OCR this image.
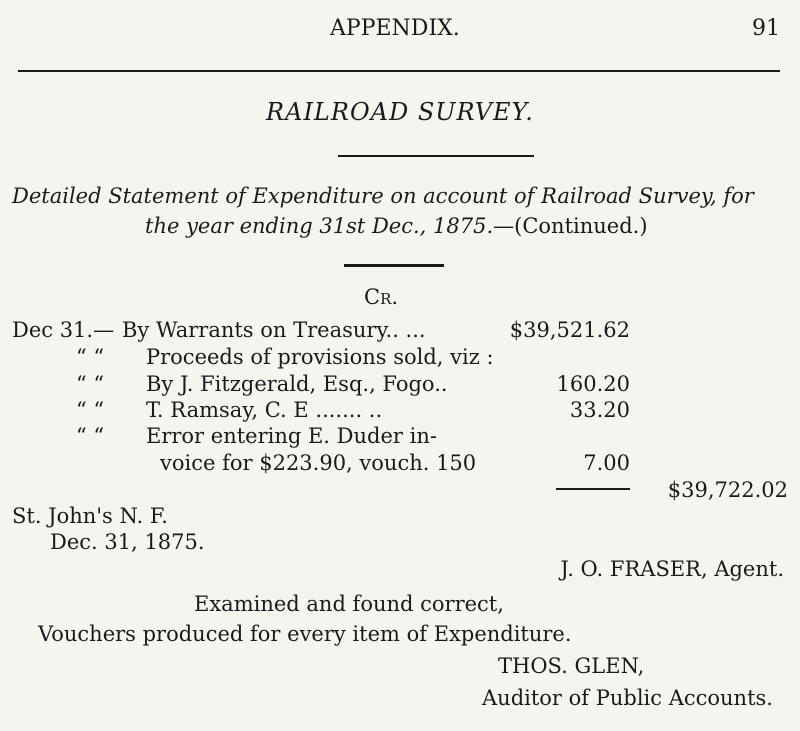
APPENDIX.	91
RAILROAD SURVEY.
Detailed Statement of Expenditure on account of Railroad Survey, for
the year ending 31st Dec., 1875.—(Continued.)
Cr.
Dec 31.— By Warrants on Treasury.. ...	$39,521.62
“ “ Proceeds of provisions sold, viz :
“ “ By J. Fitzgerald, Esq., Fogo..	160.20
“ “ T. Ramsay, C. E ....... ..	33.20
“ “ Error entering E. Duder in-
voice for $223.90, vouch. 150	7.00
$39,722.02
St. John's N. F.
Dec. 31, 1875.
J. O. FRASER, Agent.
Examined and found correct,
Vouchers produced for every item of Expenditure.
THOS. GLEN,
Auditor of Public Accounts.
